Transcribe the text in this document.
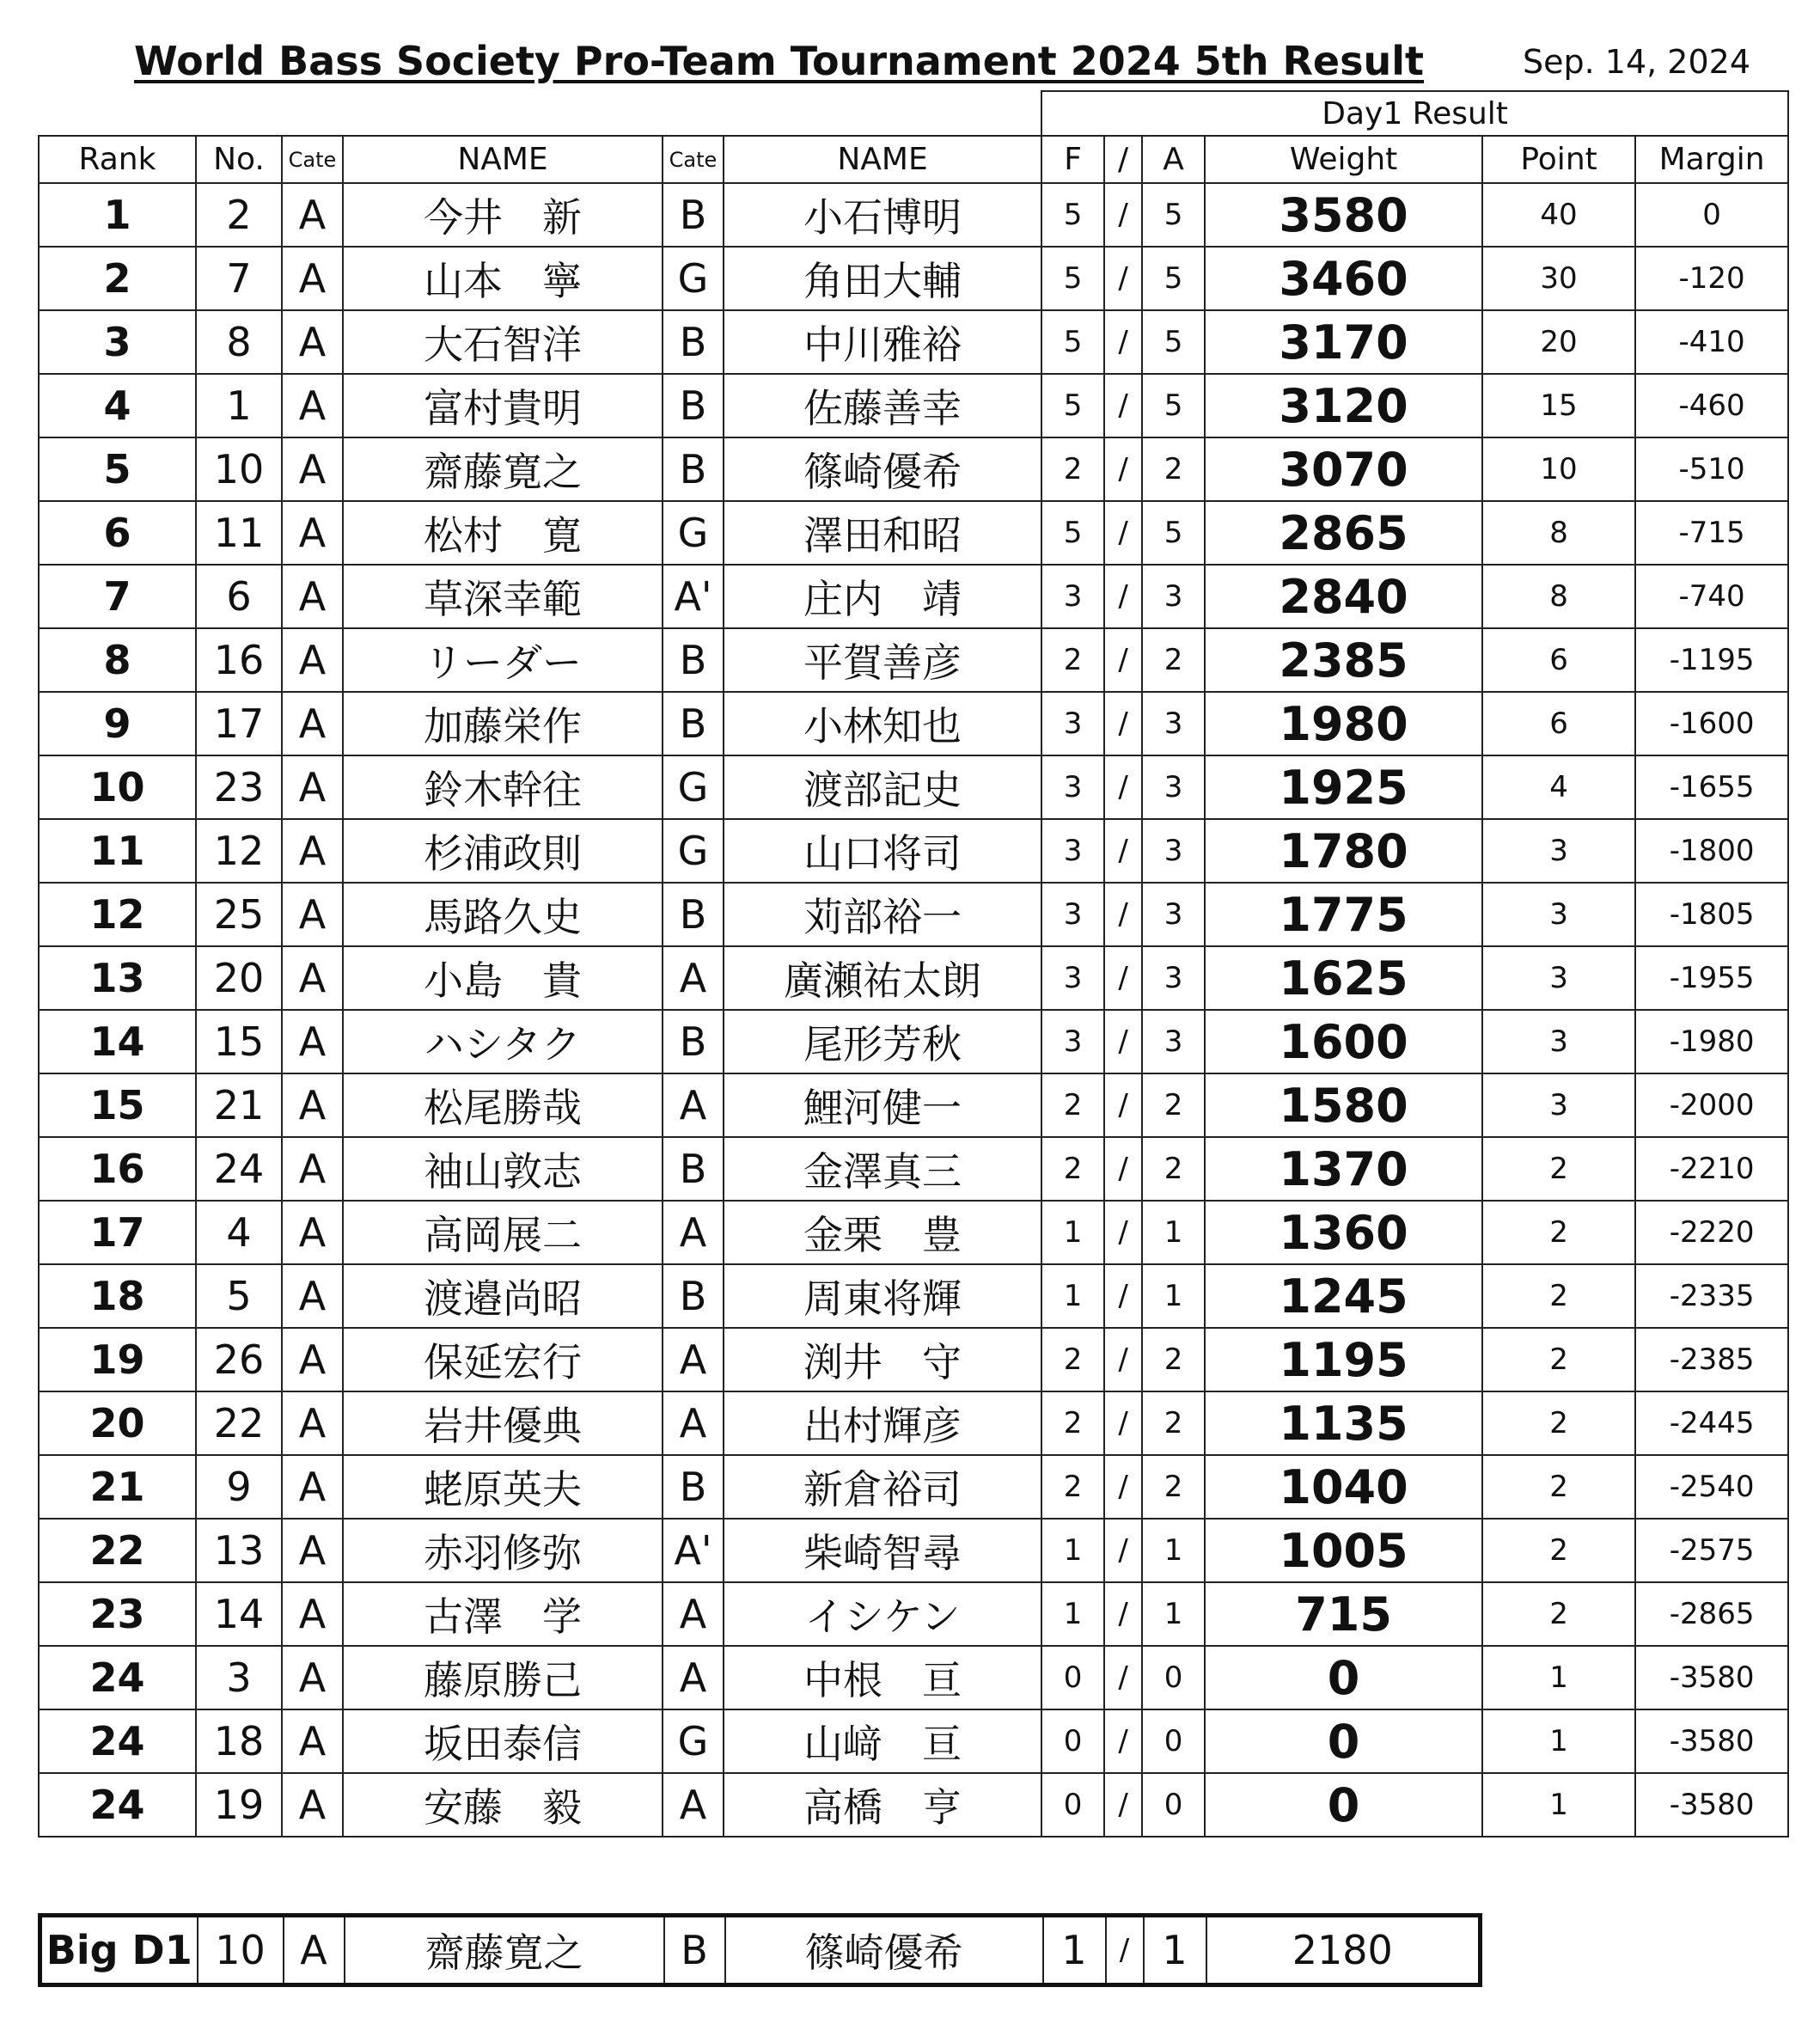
World Bass Society Pro-Team Tournament 2024 5th Result	Sep. 14, 2024
						Day1 Result					
Rank	No.	Cate	NAME	Cate	NAME	F	/	A	Weight	Point	Margin
1	2	A	今井　新	B	小石博明	5	/	5	3580	40	0
2	7	A	山本　寧	G	角田大輔	5	/	5	3460	30	-120
3	8	A	大石智洋	B	中川雅裕	5	/	5	3170	20	-410
4	1	A	富村貴明	B	佐藤善幸	5	/	5	3120	15	-460
5	10	A	齋藤寛之	B	篠崎優希	2	/	2	3070	10	-510
6	11	A	松村　寛	G	澤田和昭	5	/	5	2865	8	-715
7	6	A	草深幸範	A'	庄内　靖	3	/	3	2840	8	-740
8	16	A	リーダー	B	平賀善彦	2	/	2	2385	6	-1195
9	17	A	加藤栄作	B	小林知也	3	/	3	1980	6	-1600
10	23	A	鈴木幹往	G	渡部記史	3	/	3	1925	4	-1655
11	12	A	杉浦政則	G	山口将司	3	/	3	1780	3	-1800
12	25	A	馬路久史	B	苅部裕一	3	/	3	1775	3	-1805
13	20	A	小島　貴	A	廣瀬祐太朗	3	/	3	1625	3	-1955
14	15	A	ハシタク	B	尾形芳秋	3	/	3	1600	3	-1980
15	21	A	松尾勝哉	A	鯉河健一	2	/	2	1580	3	-2000
16	24	A	袖山敦志	B	金澤真三	2	/	2	1370	2	-2210
17	4	A	高岡展二	A	金栗　豊	1	/	1	1360	2	-2220
18	5	A	渡邉尚昭	B	周東将輝	1	/	1	1245	2	-2335
19	26	A	保延宏行	A	渕井　守	2	/	2	1195	2	-2385
20	22	A	岩井優典	A	出村輝彦	2	/	2	1135	2	-2445
21	9	A	蛯原英夫	B	新倉裕司	2	/	2	1040	2	-2540
22	13	A	赤羽修弥	A'	柴崎智尋	1	/	1	1005	2	-2575
23	14	A	古澤　学	A	イシケン	1	/	1	715	2	-2865
24	3	A	藤原勝己	A	中根　亘	0	/	0	0	1	-3580
24	18	A	坂田泰信	G	山﨑　亘	0	/	0	0	1	-3580
24	19	A	安藤　毅	A	高橋　亨	0	/	0	0	1	-3580
Big D1	10	A	齋藤寛之	B	篠崎優希	1	/	1	2180
